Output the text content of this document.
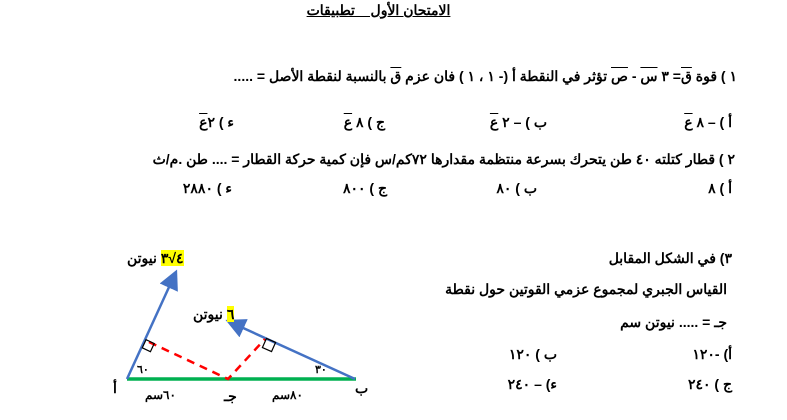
الامتحان الأول _ تطبيقات
١ ) قوة ق= ٣ س - ص تؤثر في النقطة أ (- ١ ، ١ ) فان عزم ق بالنسبة لنقطة الأصل = .....
أ ) – ٨ ع
ب ) – ٢ ع
ج ) ٨ ع
ء ) ٢ع
٢ ) قطار كتلته ٤٠ طن يتحرك بسرعة منتظمة مقدارها ٧٢كم/س فإن كمية حركة القطار = .... طن .م/ث
أ ) ٨
ب ) ٨٠
ج ) ٨٠٠
ء ) ٢٨٨٠
٣) في الشكل المقابل
القياس الجبري لمجموع عزمي القوتين حول نقطة
جـ = ..... نيوتن سم
أ) -١٢٠
ب ) ١٢٠
ج ) ٢٤٠
ء) – ٢٤٠
٤√٣ نيوتن
٦ نيوتن
٦٠	٣٠
أ	ب
جـ
٦٠سم	٨٠سم
